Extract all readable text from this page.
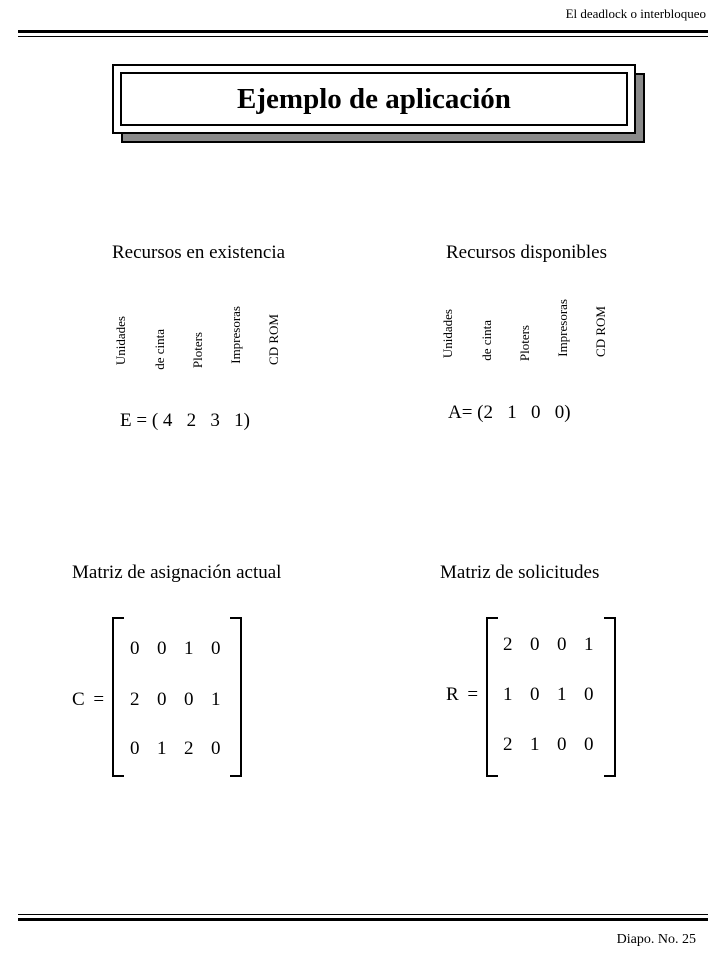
El deadlock o interbloqueo
Ejemplo de aplicación
Recursos en existencia
Unidades de cinta Ploters Impresoras CD ROM
E = ( 4   2   3   1)
Recursos disponibles
Unidades de cinta Ploters Impresoras CD ROM
A= (2   1   0   0)
Matriz de asignación actual
C =
0  0  1  0
2  0  0  1
0  1  2  0
Matriz de solicitudes
R =
2  0  0  1
1  0  1  0
2  1  0  0
Diapo. No. 25
